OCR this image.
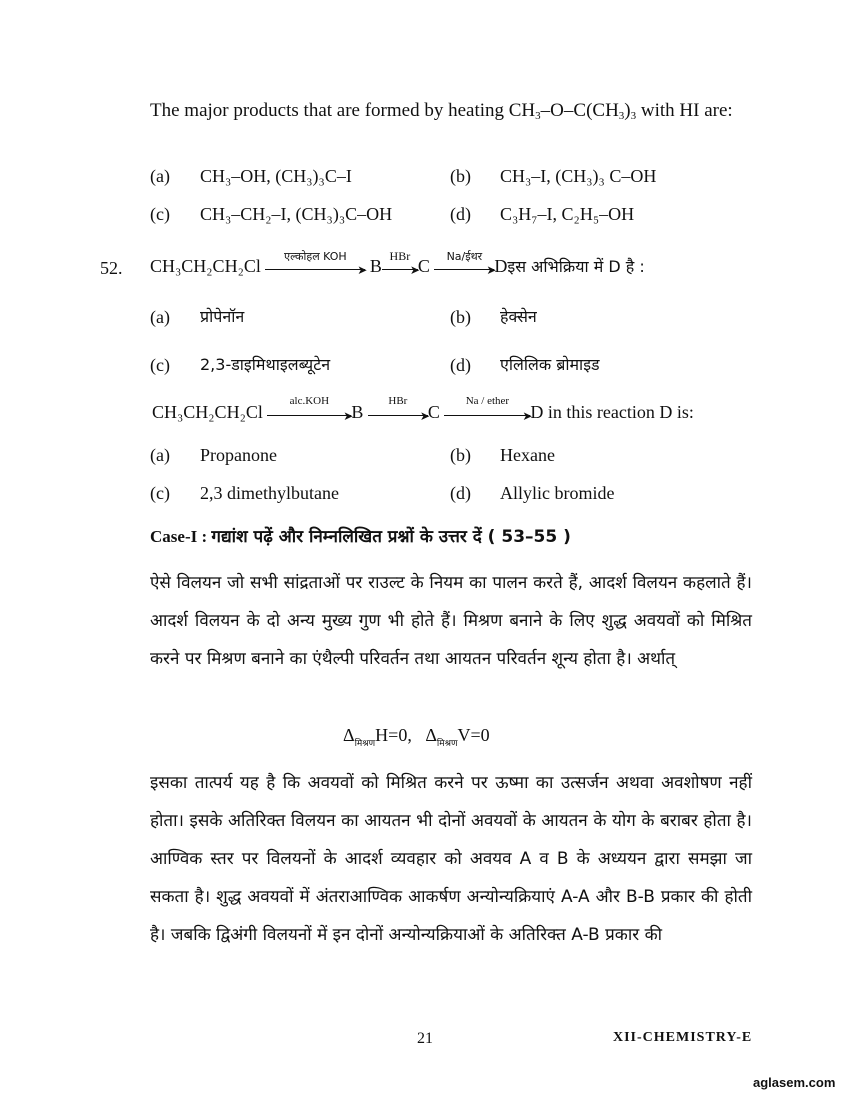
The major products that are formed by heating $CH_3-O-C(CH_3)_3$ with HI are:
(a) CH₃–OH, (CH₃)₃C–I	(b) CH₃–I, (CH₃)₃ C–OH
(c) CH₃–CH₂–I, (CH₃)₃C–OH	(d) C₃H₇–I, C₂H₅–OH
52. CH₃CH₂CH₂Cl	एल्कोहल KOH
➤ B HBr
➤
C	Na/ईथर
➤
Dइस अभिक्रिया में D है :
(a) प्रोपेनॉन	(b) हेक्सेन
(c) 2,3-डाइमिथाइलब्यूटेन	(d) एलिलिक ब्रोमाइड
CH₃CH₂CH₂Cl
alc.KOH
➤
B
HBr
➤
C
Na / ether
➤
D in this reaction D is:
(a) Propanone	(b) Hexane
(c) 2,3 dimethylbutane	(d) Allylic bromide
Case-I : गद्यांश पढ़ें और निम्नलिखित प्रश्नों के उत्तर दें ( 53–55 )
ऐसे विलयन जो सभी सांद्रताओं पर राउल्ट के नियम का पालन करते हैं, आदर्श विलयन कहलाते हैं। आदर्श विलयन के दो अन्य मुख्य गुण भी होते हैं। मिश्रण बनाने के लिए शुद्ध अवयवों को मिश्रित करने पर मिश्रण बनाने का एंथैल्पी परिवर्तन तथा आयतन परिवर्तन शून्य होता है। अर्थात्
$\Delta_{मिश्रण}H=0$, $\Delta_{मिश्रण}V=0$
इसका तात्पर्य यह है कि अवयवों को मिश्रित करने पर ऊष्मा का उत्सर्जन अथवा अवशोषण नहीं होता। इसके अतिरिक्त विलयन का आयतन भी दोनों अवयवों के आयतन के योग के बराबर होता है। आण्विक स्तर पर विलयनों के आदर्श व्यवहार को अवयव A व B के अध्ययन द्वारा समझा जा सकता है। शुद्ध अवयवों में अंतराआण्विक आकर्षण अन्योन्यक्रियाएं A-A और B-B प्रकार की होती है। जबकि द्विअंगी विलयनों में इन दोनों अन्योन्यक्रियाओं के अतिरिक्त A-B प्रकार की
21	XII-CHEMISTRY-E
aglasem.com
